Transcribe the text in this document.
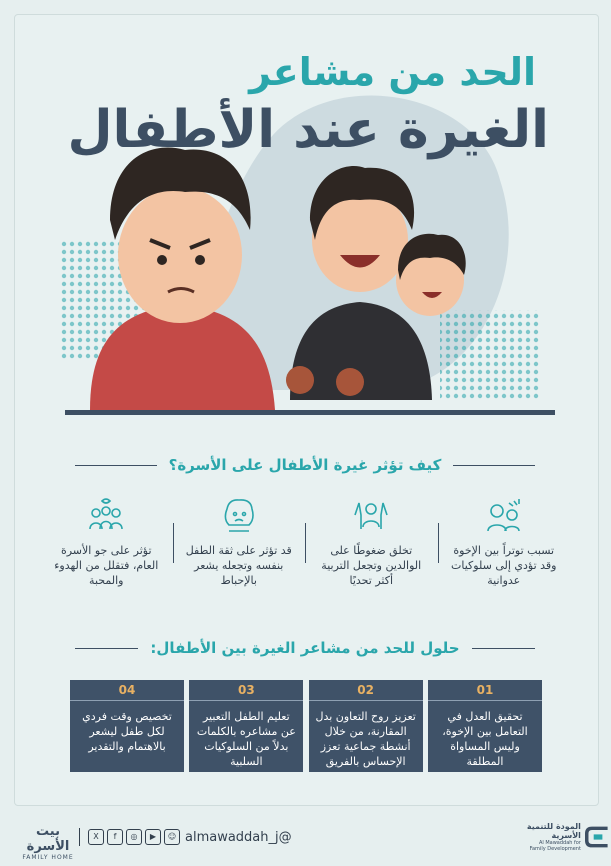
الحد من مشاعر
الغيرة عند الأطفال
كيف تؤثر غيرة الأطفال على الأسرة؟
تسبب توتراً بين الإخوة وقد تؤدي إلى سلوكيات عدوانية
تخلق ضغوطًا على الوالدين وتجعل التربية أكثر تحديًا
قد تؤثر على ثقة الطفل بنفسه وتجعله يشعر بالإحباط
تؤثر على جو الأسرة العام، فتقلل من الهدوء والمحبة
حلول للحد من مشاعر الغيرة بين الأطفال:
01
تحقيق العدل في التعامل بين الإخوة، وليس المساواة المطلقة
02
تعزيز روح التعاون بدل المقارنة، من خلال أنشطة جماعية تعزز الإحساس بالفريق
03
تعليم الطفل التعبير عن مشاعره بالكلمات بدلاً من السلوكيات السلبية
04
تخصيص وقت فردي لكل طفل ليشعر بالاهتمام والتقدير
بيت الأسرة
FAMILY HOME
X	f	◎	▶	☺ almawaddah_j@
المودة للتنمية الأسرية
Al Mawaddah for
Family Development
